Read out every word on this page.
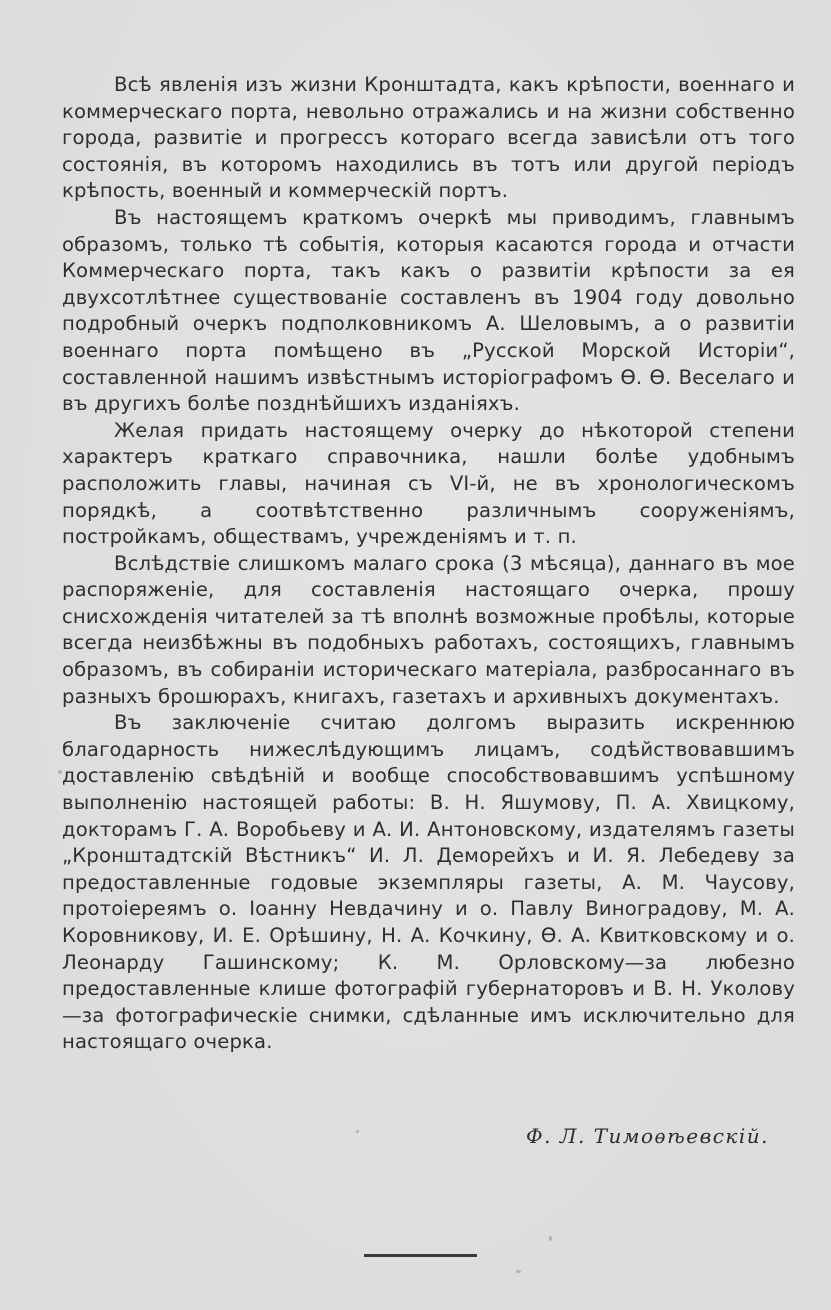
Всѣ явленія изъ жизни Кронштадта, какъ крѣпости, военнаго и коммерческаго порта, невольно отражались и на жизни собственно города, развитіе и прогрессъ котораго всегда зависѣли отъ того состоянія, въ которомъ находились въ тотъ или другой періодъ крѣпость, военный и коммерческій портъ.

Въ настоящемъ краткомъ очеркѣ мы приводимъ, главнымъ образомъ, только тѣ событія, которыя касаются города и отчасти Коммерческаго порта, такъ какъ о развитіи крѣпости за ея двухсотлѣтнее существованіе составленъ въ 1904 году довольно подробный очеркъ подполковникомъ А. Шеловымъ, а о развитіи военнаго порта помѣщено въ „Русской Морской Исторіи“, составленной нашимъ извѣстнымъ исторіографомъ Ѳ. Ѳ. Веселаго и въ другихъ болѣе позднѣйшихъ изданіяхъ.

Желая придать настоящему очерку до нѣкоторой степени характеръ краткаго справочника, нашли болѣе удобнымъ расположить главы, начиная съ VI-й, не въ хронологическомъ порядкѣ, а соотвѣтственно различнымъ сооруженіямъ, постройкамъ, обществамъ, учрежденіямъ и т. п.

Вслѣдствіе слишкомъ малаго срока (3 мѣсяца), даннаго въ мое распоряженіе, для составленія настоящаго очерка, прошу снисхожденія читателей за тѣ вполнѣ возможные пробѣлы, которые всегда неизбѣжны въ подобныхъ работахъ, состоящихъ, главнымъ образомъ, въ собираніи историческаго матеріала, разбросаннаго въ разныхъ брошюрахъ, книгахъ, газетахъ и архивныхъ документахъ.

Въ заключеніе считаю долгомъ выразить искреннюю благодарность нижеслѣдующимъ лицамъ, содѣйствовавшимъ доставленію свѣдѣній и вообще способствовавшимъ успѣшному выполненію настоящей работы: В. Н. Яшумову, П. А. Хвицкому, докторамъ Г. А. Воробьеву и А. И. Антоновскому, издателямъ газеты „Кронштадтскій Вѣстникъ“ И. Л. Деморейхъ и И. Я. Лебедеву за предоставленные годовые экземпляры газеты, А. М. Чаусову, протоіереямъ о. Іоанну Невдачину и о. Павлу Виноградову, М. А. Коровникову, И. Е. Орѣшину, Н. А. Кочкину, Ѳ. А. Квитковскому и о. Леонарду Гашинскому; К. М. Орловскому—за любезно предоставленные клише фотографій губернаторовъ и В. Н. Уколову—за фотографическіе снимки, сдѣланные имъ исключительно для настоящаго очерка.

Ф. Л. Тимоѳѣевскій.
